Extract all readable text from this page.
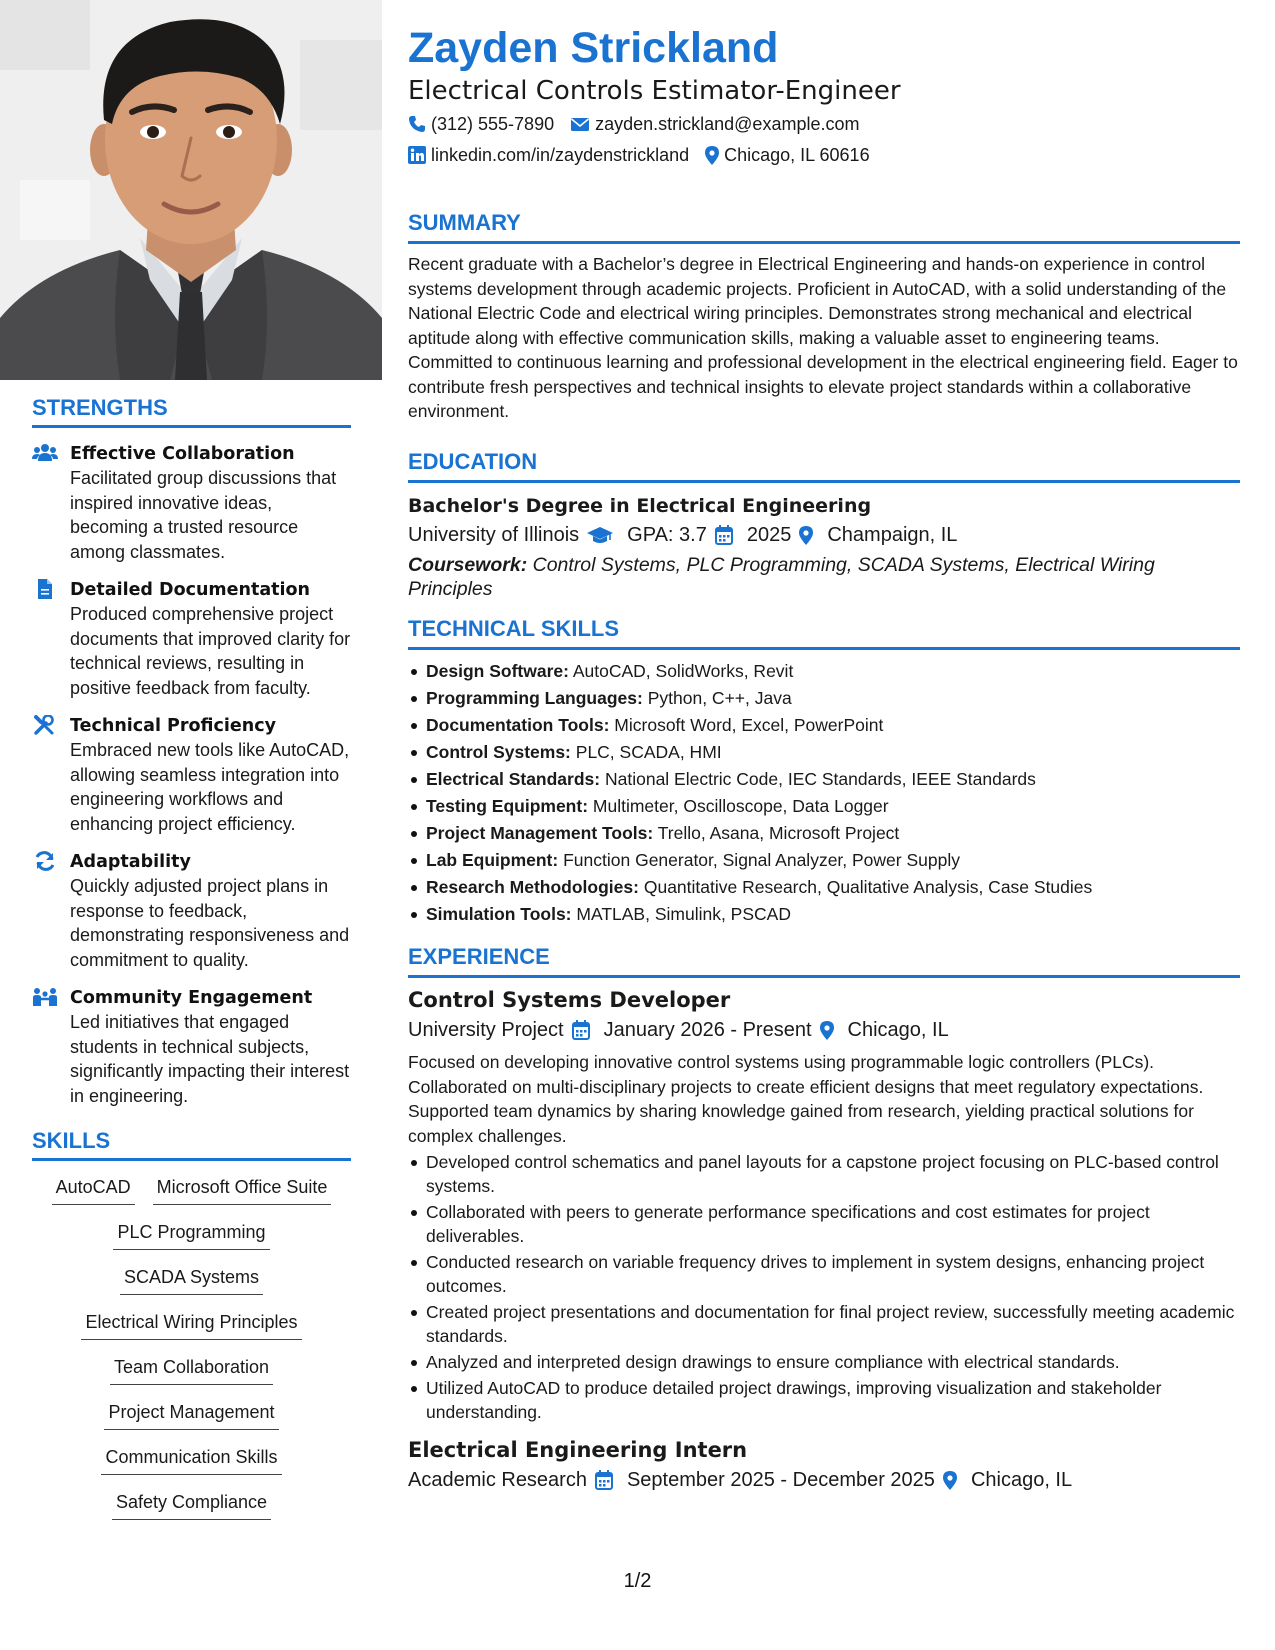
STRENGTHS
Effective Collaboration
Facilitated group discussions that inspired innovative ideas, becoming a trusted resource among classmates.
Detailed Documentation
Produced comprehensive project documents that improved clarity for technical reviews, resulting in positive feedback from faculty.
Technical Proficiency
Embraced new tools like AutoCAD, allowing seamless integration into engineering workflows and enhancing project efficiency.
Adaptability
Quickly adjusted project plans in response to feedback, demonstrating responsiveness and commitment to quality.
Community Engagement
Led initiatives that engaged students in technical subjects, significantly impacting their interest in engineering.
SKILLS
AutoCAD Microsoft Office Suite
PLC Programming
SCADA Systems
Electrical Wiring Principles
Team Collaboration
Project Management
Communication Skills
Safety Compliance
Zayden Strickland
Electrical Controls Estimator-Engineer
(312) 555-7890 zayden.strickland@example.com
linkedin.com/in/zaydenstrickland Chicago, IL 60616
SUMMARY
Recent graduate with a Bachelor’s degree in Electrical Engineering and hands-on experience in control systems development through academic projects. Proficient in AutoCAD, with a solid understanding of the National Electric Code and electrical wiring principles. Demonstrates strong mechanical and electrical aptitude along with effective communication skills, making a valuable asset to engineering teams. Committed to continuous learning and professional development in the electrical engineering field. Eager to contribute fresh perspectives and technical insights to elevate project standards within a collaborative environment.
EDUCATION
Bachelor's Degree in Electrical Engineering
University of Illinois GPA: 3.7 2025 Champaign, IL
Coursework: Control Systems, PLC Programming, SCADA Systems, Electrical Wiring Principles
TECHNICAL SKILLS
Design Software: AutoCAD, SolidWorks, Revit
Programming Languages: Python, C++, Java
Documentation Tools: Microsoft Word, Excel, PowerPoint
Control Systems: PLC, SCADA, HMI
Electrical Standards: National Electric Code, IEC Standards, IEEE Standards
Testing Equipment: Multimeter, Oscilloscope, Data Logger
Project Management Tools: Trello, Asana, Microsoft Project
Lab Equipment: Function Generator, Signal Analyzer, Power Supply
Research Methodologies: Quantitative Research, Qualitative Analysis, Case Studies
Simulation Tools: MATLAB, Simulink, PSCAD
EXPERIENCE
Control Systems Developer
University Project January 2026 - Present Chicago, IL
Focused on developing innovative control systems using programmable logic controllers (PLCs). Collaborated on multi-disciplinary projects to create efficient designs that meet regulatory expectations. Supported team dynamics by sharing knowledge gained from research, yielding practical solutions for complex challenges.
Developed control schematics and panel layouts for a capstone project focusing on PLC-based control systems.
Collaborated with peers to generate performance specifications and cost estimates for project deliverables.
Conducted research on variable frequency drives to implement in system designs, enhancing project outcomes.
Created project presentations and documentation for final project review, successfully meeting academic standards.
Analyzed and interpreted design drawings to ensure compliance with electrical standards.
Utilized AutoCAD to produce detailed project drawings, improving visualization and stakeholder understanding.
Electrical Engineering Intern
Academic Research September 2025 - December 2025 Chicago, IL
1/2
